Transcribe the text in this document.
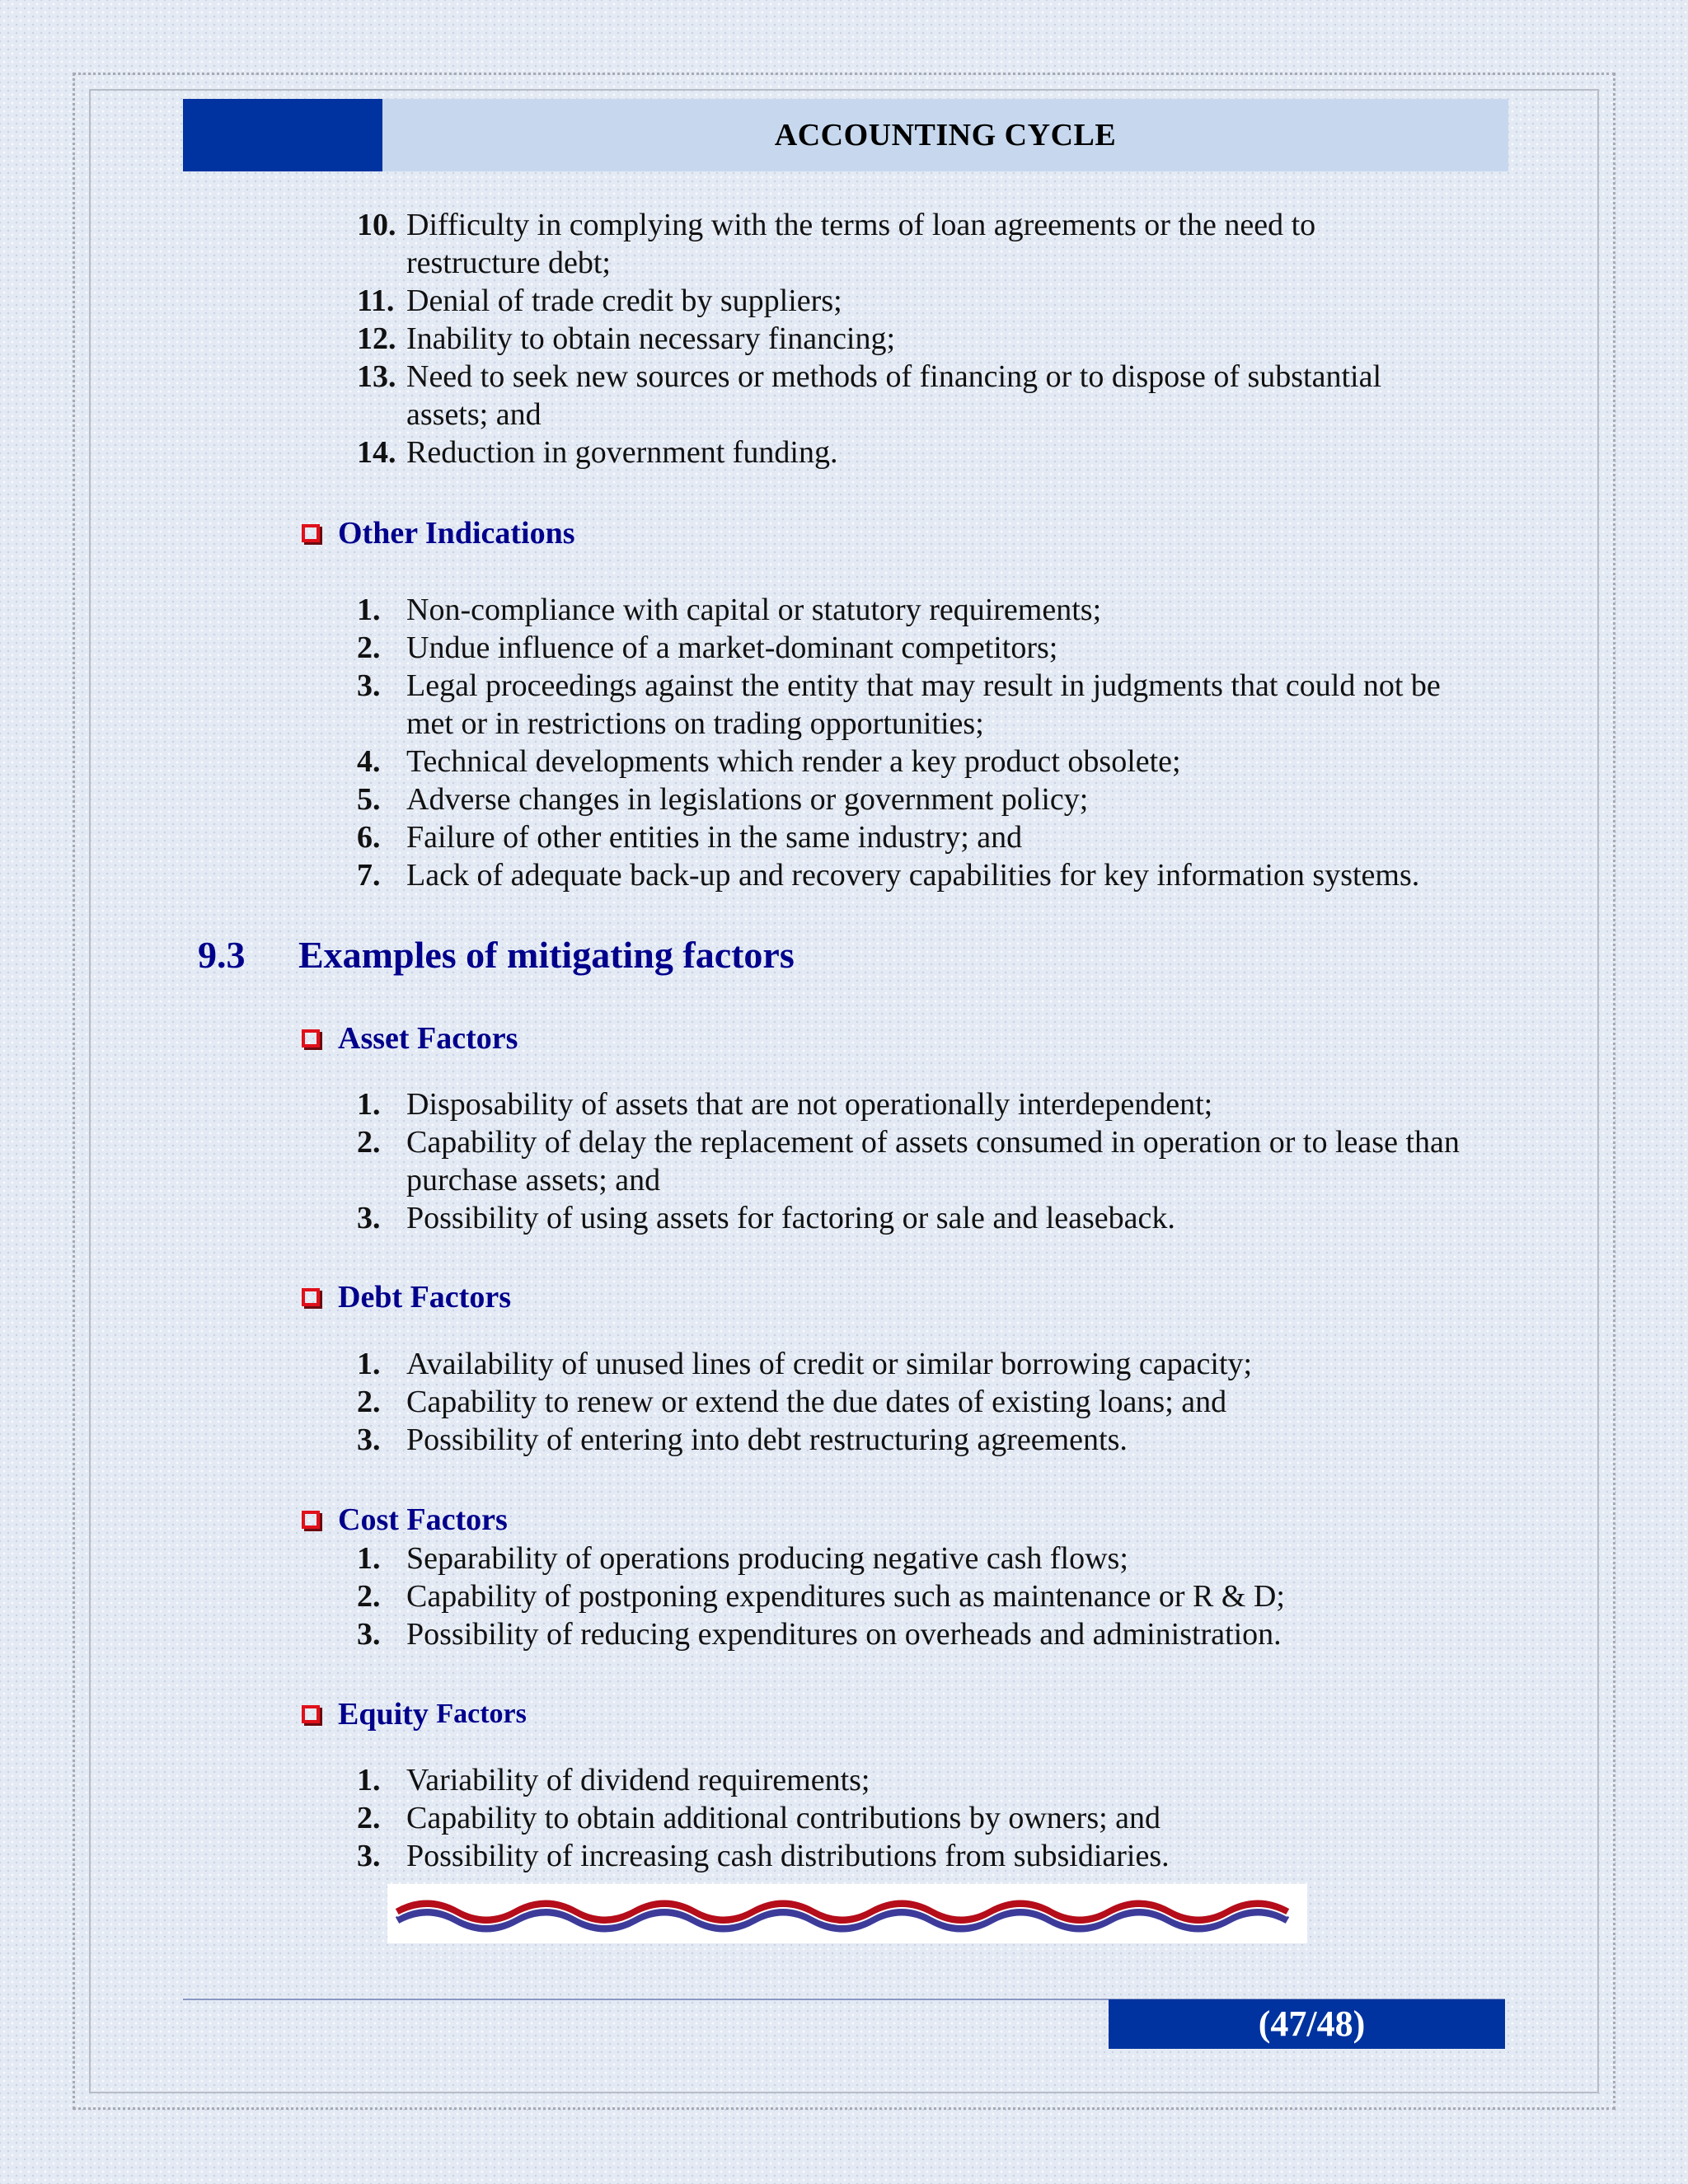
ACCOUNTING CYCLE
10. Difficulty in complying with the terms of loan agreements or the need to restructure debt;
11. Denial of trade credit by suppliers;
12. Inability to obtain necessary financing;
13. Need to seek new sources or methods of financing or to dispose of substantial assets; and
14. Reduction in government funding.
Other Indications
1. Non-compliance with capital or statutory requirements;
2. Undue influence of a market-dominant competitors;
3. Legal proceedings against the entity that may result in judgments that could not be met or in restrictions on trading opportunities;
4. Technical developments which render a key product obsolete;
5. Adverse changes in legislations or government policy;
6. Failure of other entities in the same industry; and
7. Lack of adequate back-up and recovery capabilities for key information systems.
9.3 Examples of mitigating factors
Asset Factors
1. Disposability of assets that are not operationally interdependent;
2. Capability of delay the replacement of assets consumed in operation or to lease than purchase assets; and
3. Possibility of using assets for factoring or sale and leaseback.
Debt Factors
1. Availability of unused lines of credit or similar borrowing capacity;
2. Capability to renew or extend the due dates of existing loans; and
3. Possibility of entering into debt restructuring agreements.
Cost Factors
1. Separability of operations producing negative cash flows;
2. Capability of postponing expenditures such as maintenance or R & D;
3. Possibility of reducing expenditures on overheads and administration.
Equity
Factors
1. Variability of dividend requirements;
2. Capability to obtain additional contributions by owners; and
3. Possibility of increasing cash distributions from subsidiaries.
(47/48)
